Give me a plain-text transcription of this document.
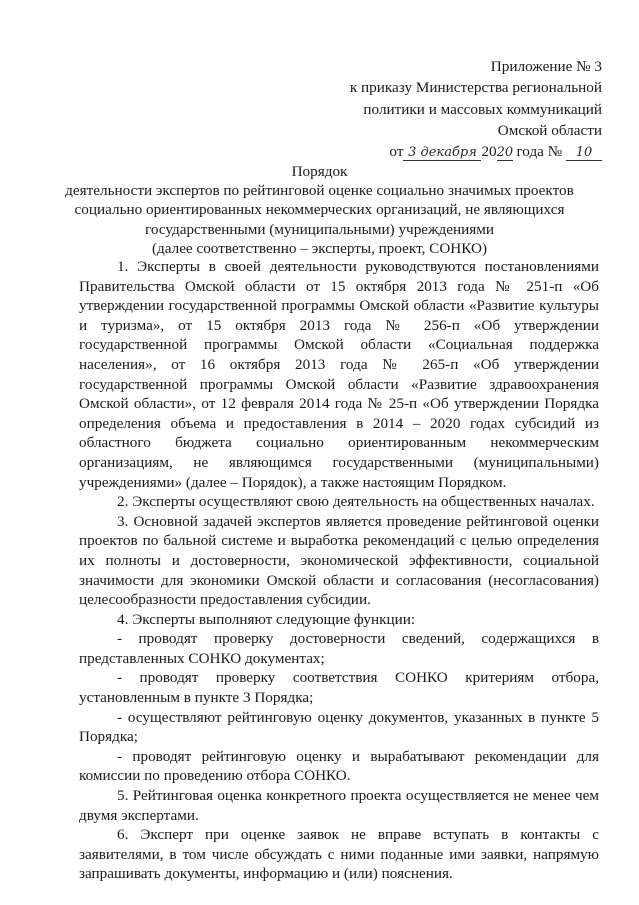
Приложение № 3
к приказу Министерства региональной
политики и массовых коммуникаций
Омской области
от 3 декабря 2020 года № 10
Порядок
деятельности экспертов по рейтинговой оценке социально значимых проектов
социально ориентированных некоммерческих организаций, не являющихся
государственными (муниципальными) учреждениями
(далее соответственно – эксперты, проект, СОНКО)

1. Эксперты в своей деятельности руководствуются постановлениями Правительства Омской области от 15 октября 2013 года № 251-п «Об утверждении государственной программы Омской области «Развитие культуры и туризма», от 15 октября 2013 года № 256-п «Об утверждении государственной программы Омской области «Социальная поддержка населения», от 16 октября 2013 года № 265-п «Об утверждении государственной программы Омской области «Развитие здравоохранения Омской области», от 12 февраля 2014 года № 25-п «Об утверждении Порядка определения объема и предоставления в 2014 – 2020 годах субсидий из областного бюджета социально ориентированным некоммерческим организациям, не являющимся государственными (муниципальными) учреждениями» (далее – Порядок), а также настоящим Порядком.

2. Эксперты осуществляют свою деятельность на общественных началах.

3. Основной задачей экспертов является проведение рейтинговой оценки проектов по бальной системе и выработка рекомендаций с целью определения их полноты и достоверности, экономической эффективности, социальной значимости для экономики Омской области и согласования (несогласования) целесообразности предоставления субсидии.

4. Эксперты выполняют следующие функции:

- проводят проверку достоверности сведений, содержащихся в представленных СОНКО документах;

- проводят проверку соответствия СОНКО критериям отбора, установленным в пункте 3 Порядка;

- осуществляют рейтинговую оценку документов, указанных в пункте 5 Порядка;

- проводят рейтинговую оценку и вырабатывают рекомендации для комиссии по проведению отбора СОНКО.

5. Рейтинговая оценка конкретного проекта осуществляется не менее чем двумя экспертами.

6. Эксперт при оценке заявок не вправе вступать в контакты с заявителями, в том числе обсуждать с ними поданные ими заявки, напрямую запрашивать документы, информацию и (или) пояснения.
